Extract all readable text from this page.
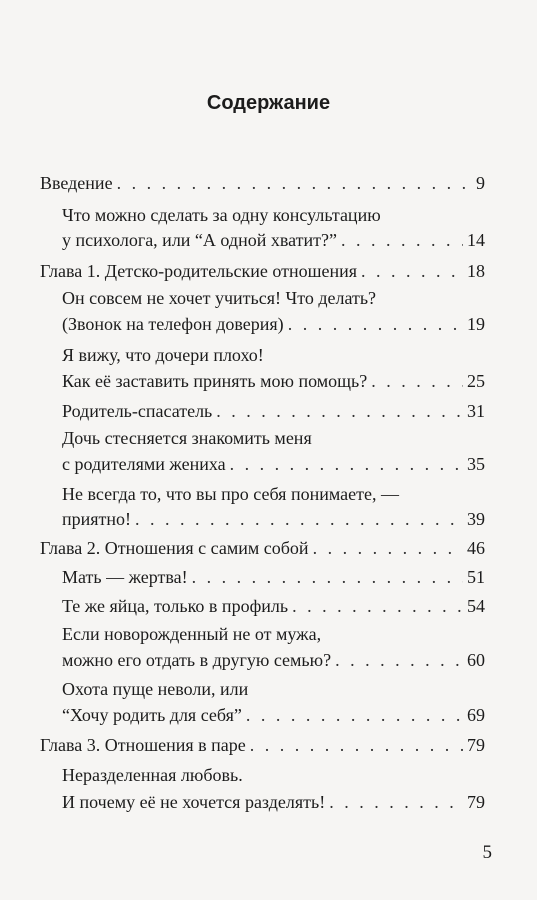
Содержание
Введение . . .	9
Что можно сделать за одну консультацию
у психолога, или “А одной хватит?” . . .	14
Глава 1. Детско-родительские отношения . . .	18
Он совсем не хочет учиться! Что делать?
(Звонок на телефон доверия) . . .	19
Я вижу, что дочери плохо!
Как её заставить принять мою помощь? . . .	25
Родитель-спасатель . . .	31
Дочь стесняется знакомить меня
с родителями жениха . . .	35
Не всегда то, что вы про себя понимаете, —
приятно! . . .	39
Глава 2. Отношения с самим собой . . .	46
Мать — жертва! . . .	51
Те же яйца, только в профиль . . .	54
Если новорожденный не от мужа,
можно его отдать в другую семью? . . .	60
Охота пуще неволи, или
“Хочу родить для себя” . . .	69
Глава 3. Отношения в паре . . .	79
Неразделенная любовь.
И почему её не хочется разделять! . . .	79
5
